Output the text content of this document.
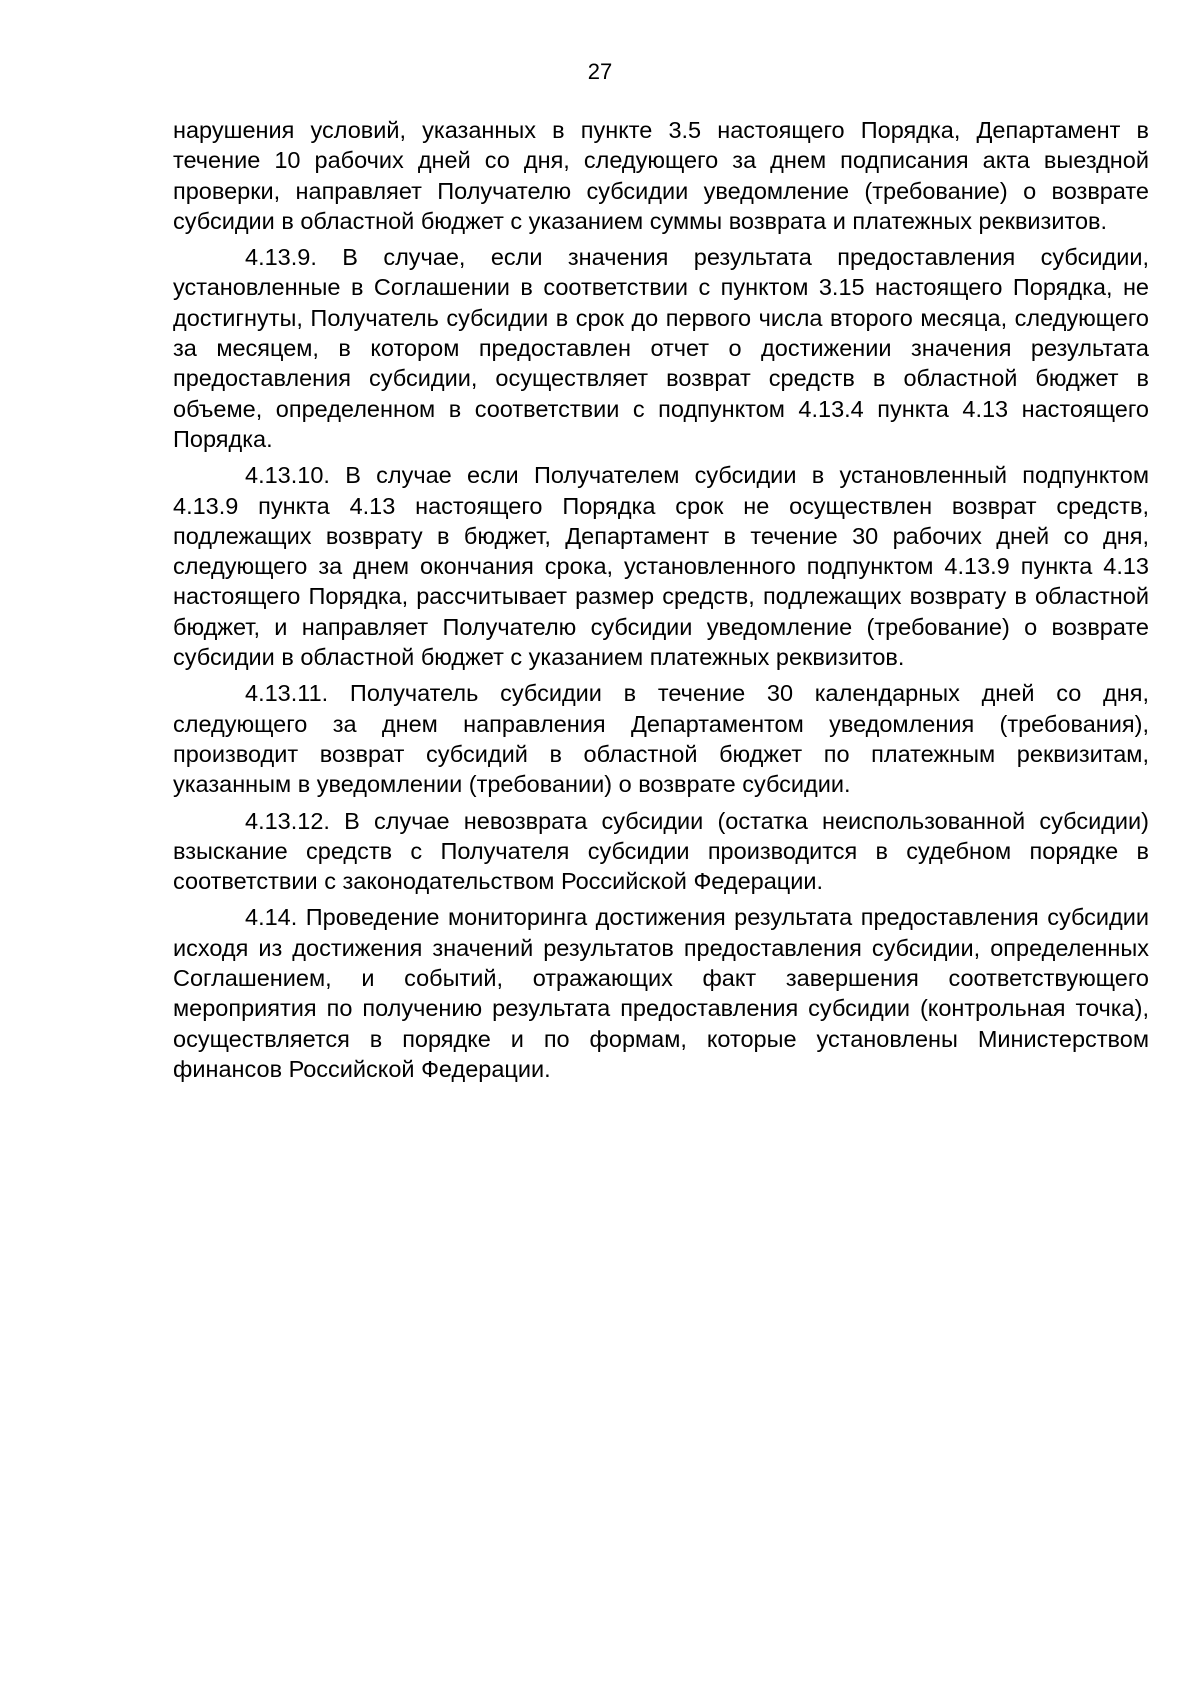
27

нарушения условий, указанных в пункте 3.5 настоящего Порядка, Департамент в течение 10 рабочих дней со дня, следующего за днем подписания акта выездной проверки, направляет Получателю субсидии уведомление (требование) о возврате субсидии в областной бюджет с указанием суммы возврата и платежных реквизитов.

4.13.9. В случае, если значения результата предоставления субсидии, установленные в Соглашении в соответствии с пунктом 3.15 настоящего Порядка, не достигнуты, Получатель субсидии в срок до первого числа второго месяца, следующего за месяцем, в котором предоставлен отчет о достижении значения результата предоставления субсидии, осуществляет возврат средств в областной бюджет в объеме, определенном в соответствии с подпунктом 4.13.4 пункта 4.13 настоящего Порядка.

4.13.10. В случае если Получателем субсидии в установленный подпунктом 4.13.9 пункта 4.13 настоящего Порядка срок не осуществлен возврат средств, подлежащих возврату в бюджет, Департамент в течение 30 рабочих дней со дня, следующего за днем окончания срока, установленного подпунктом 4.13.9 пункта 4.13 настоящего Порядка, рассчитывает размер средств, подлежащих возврату в областной бюджет, и направляет Получателю субсидии уведомление (требование) о возврате субсидии в областной бюджет с указанием платежных реквизитов.

4.13.11. Получатель субсидии в течение 30 календарных дней со дня, следующего за днем направления Департаментом уведомления (требования), производит возврат субсидий в областной бюджет по платежным реквизитам, указанным в уведомлении (требовании) о возврате субсидии.

4.13.12. В случае невозврата субсидии (остатка неиспользованной субсидии) взыскание средств с Получателя субсидии производится в судебном порядке в соответствии с законодательством Российской Федерации.

4.14. Проведение мониторинга достижения результата предоставления субсидии исходя из достижения значений результатов предоставления субсидии, определенных Соглашением, и событий, отражающих факт завершения соответствующего мероприятия по получению результата предоставления субсидии (контрольная точка), осуществляется в порядке и по формам, которые установлены Министерством финансов Российской Федерации.
